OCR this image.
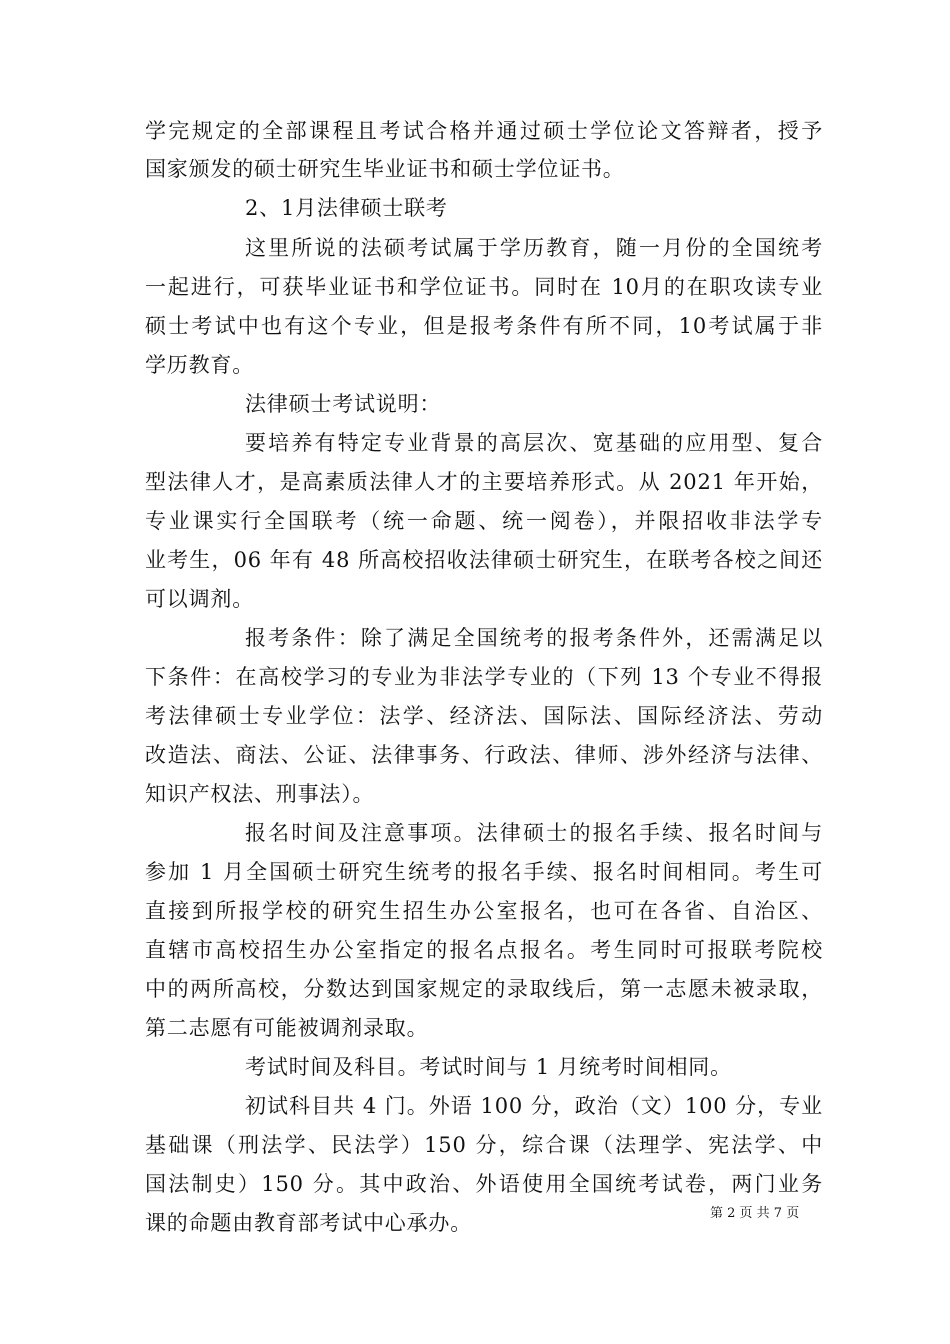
学完规定的全部课程且考试合格并通过硕士学位论文答辩者，授予
国家颁发的硕士研究生毕业证书和硕士学位证书。
2、1月法律硕士联考
这里所说的法硕考试属于学历教育，随一月份的全国统考
一起进行，可获毕业证书和学位证书。同时在 10月的在职攻读专业
硕士考试中也有这个专业，但是报考条件有所不同，10考试属于非
学历教育。
法律硕士考试说明：
要培养有特定专业背景的高层次、宽基础的应用型、复合
型法律人才，是高素质法律人才的主要培养形式。从 2021 年开始，
专业课实行全国联考（统一命题、统一阅卷），并限招收非法学专
业考生，06 年有 48 所高校招收法律硕士研究生，在联考各校之间还
可以调剂。
报考条件：除了满足全国统考的报考条件外，还需满足以
下条件：在高校学习的专业为非法学专业的（下列 13 个专业不得报
考法律硕士专业学位：法学、经济法、国际法、国际经济法、劳动
改造法、商法、公证、法律事务、行政法、律师、涉外经济与法律、
知识产权法、刑事法）。
报名时间及注意事项。法律硕士的报名手续、报名时间与
参加 1 月全国硕士研究生统考的报名手续、报名时间相同。考生可
直接到所报学校的研究生招生办公室报名，也可在各省、自治区、
直辖市高校招生办公室指定的报名点报名。考生同时可报联考院校
中的两所高校，分数达到国家规定的录取线后，第一志愿未被录取，
第二志愿有可能被调剂录取。
考试时间及科目。考试时间与 1 月统考时间相同。
初试科目共 4 门。外语 100 分，政治（文）100 分，专业
基础课（刑法学、民法学）150 分，综合课（法理学、宪法学、中
国法制史）150 分。其中政治、外语使用全国统考试卷，两门业务
课的命题由教育部考试中心承办。	第 2 页 共 7 页
